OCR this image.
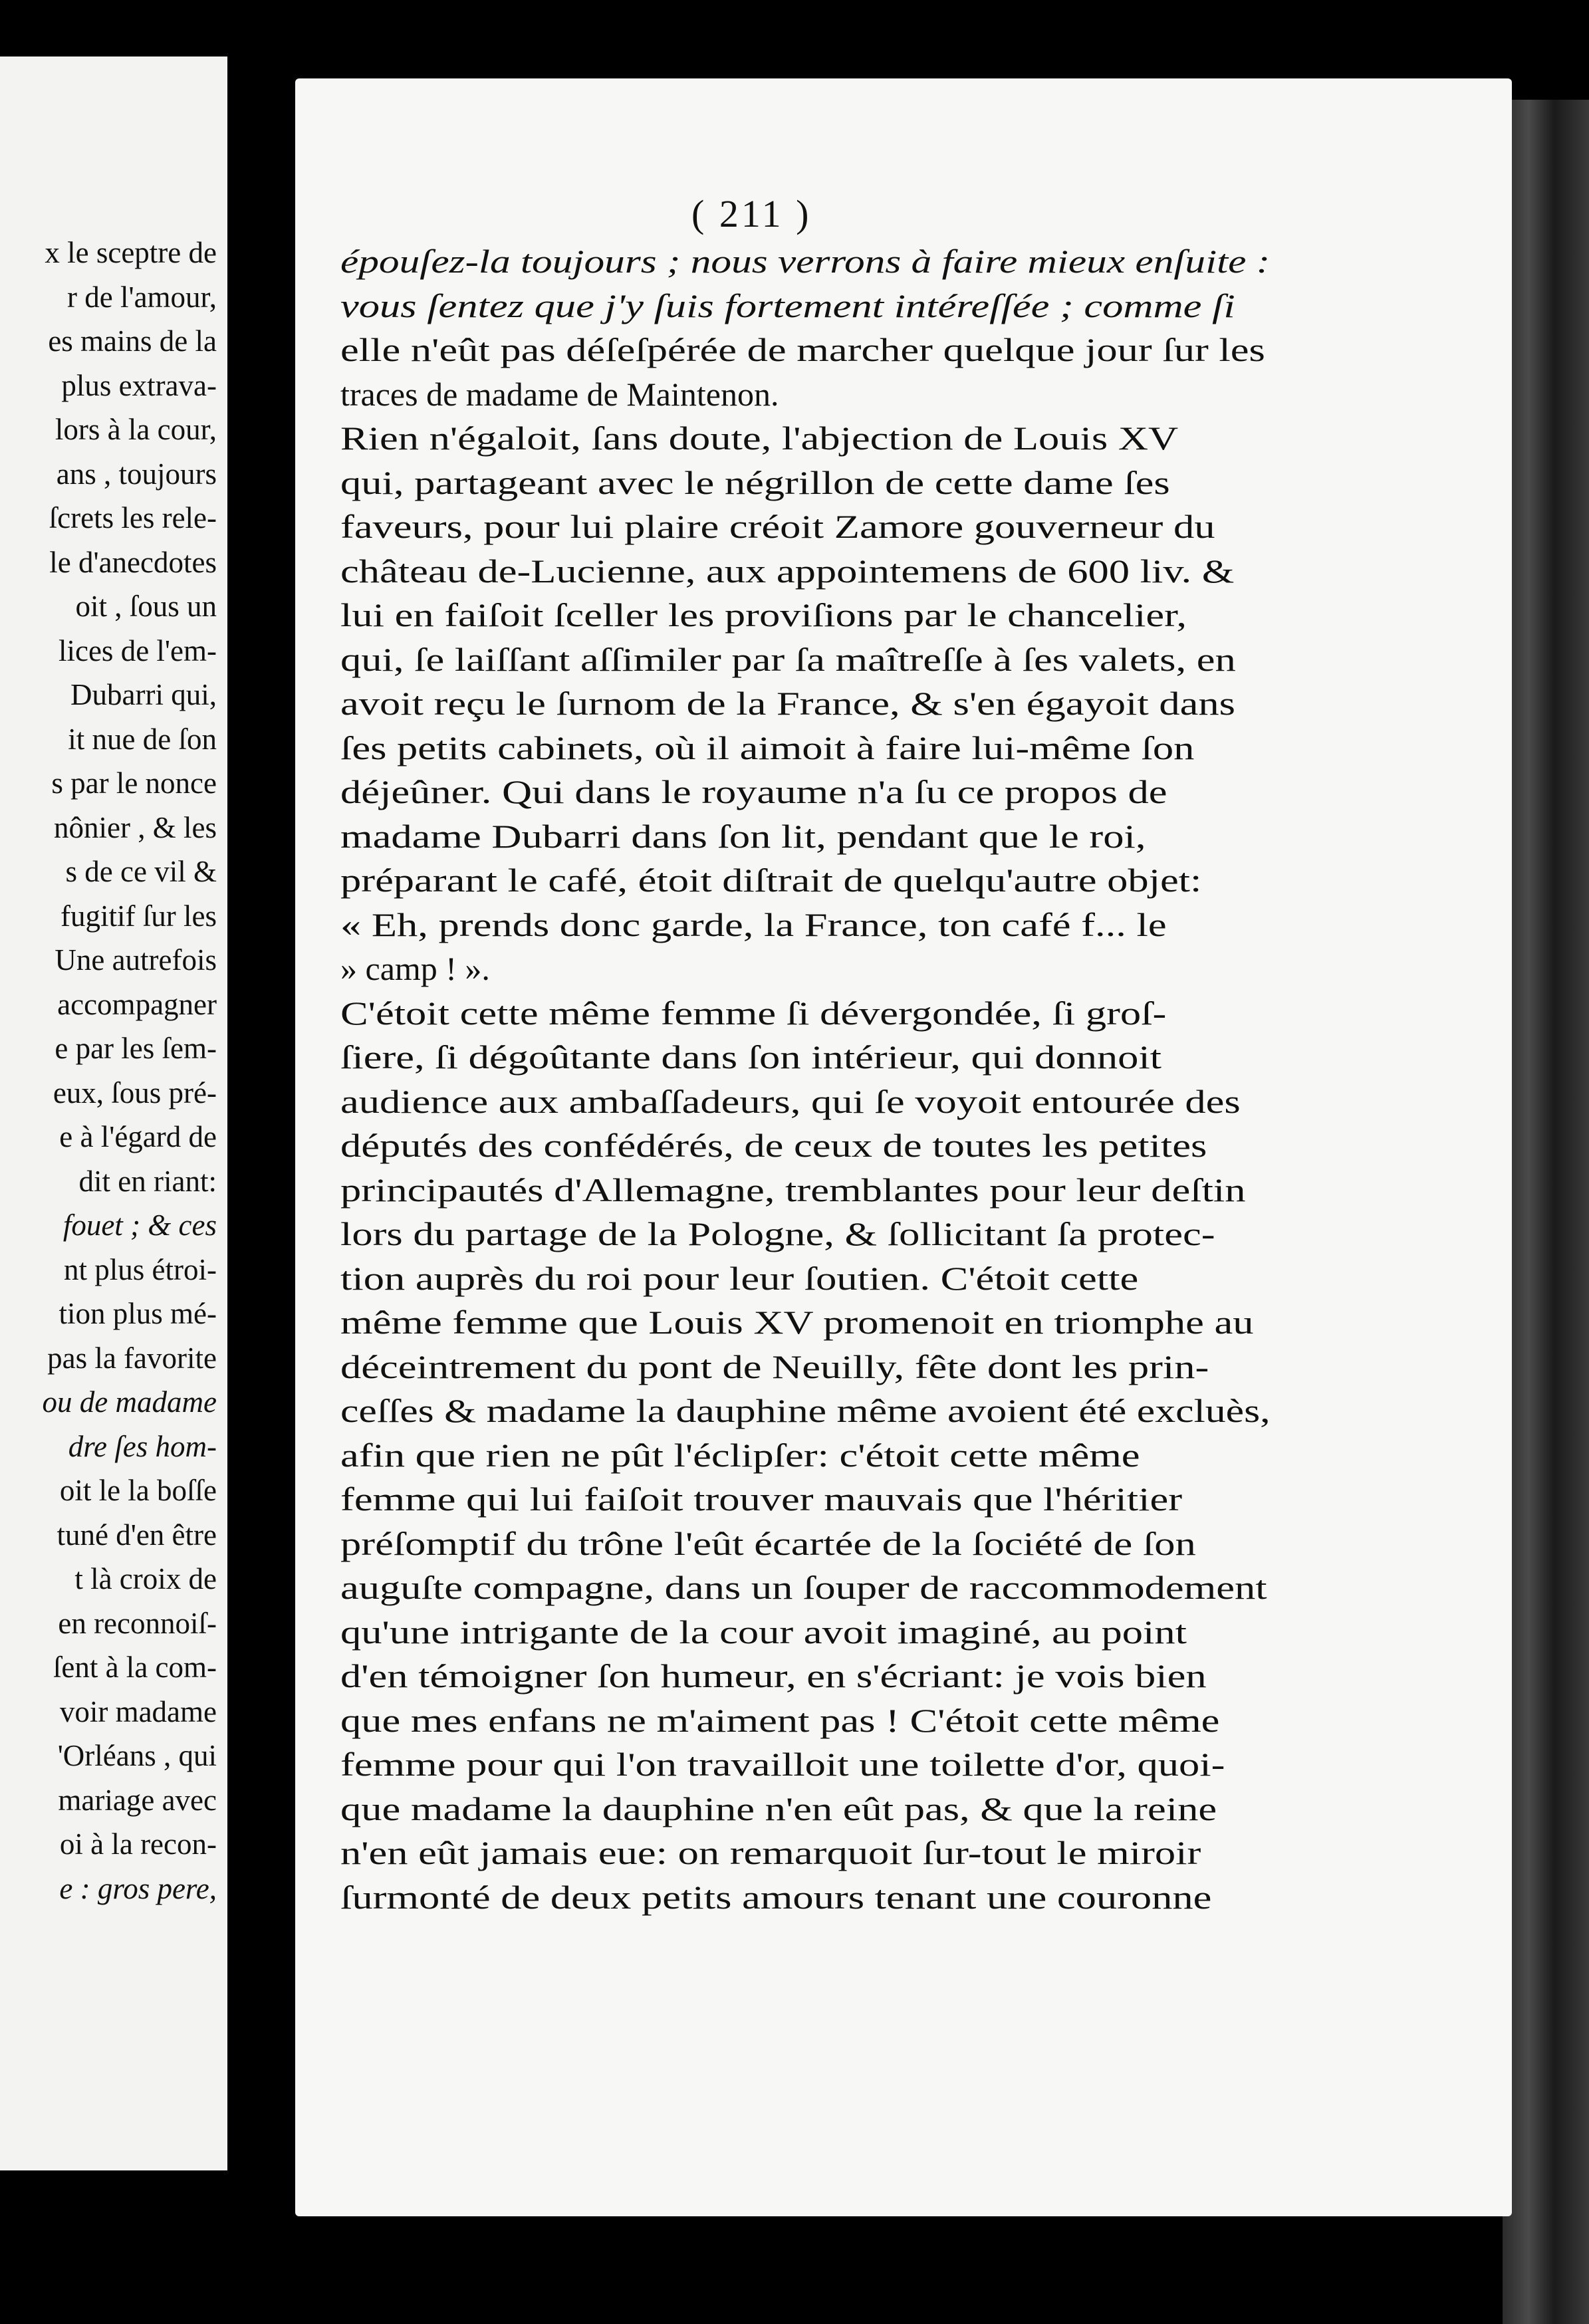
x le sceptre de
r de l'amour,
es mains de la
plus extrava-
lors à la cour,
ans , toujours
ſcrets les rele-
le d'anecdotes
oit , ſous un
lices de l'em-
Dubarri qui,
it nue de ſon
s par le nonce
nônier , & les
s de ce vil &
fugitif ſur les
Une autrefois
accompagner
e par les ſem-
eux, ſous pré-
e à l'égard de
dit en riant:
fouet ; & ces
nt plus étroi-
tion plus mé-
pas la favorite
ou de madame
dre ſes hom-
oit le la boſſe
tuné d'en être
t là croix de
en reconnoiſ-
ſent à la com-
voir madame
'Orléans , qui
mariage avec
oi à la recon-
e : gros pere,
( 211 )
épouſez-la toujours ; nous verrons à faire mieux enſuite :
vous ſentez que j'y ſuis fortement intéreſſée ; comme ſi
elle n'eût pas déſeſpérée de marcher quelque jour ſur les
traces de madame de Maintenon.
Rien n'égaloit, ſans doute, l'abjection de Louis XV
qui, partageant avec le négrillon de cette dame ſes
faveurs, pour lui plaire créoit Zamore gouverneur du
château de-Lucienne, aux appointemens de 600 liv. &
lui en faiſoit ſceller les proviſions par le chancelier,
qui, ſe laiſſant aſſimiler par ſa maîtreſſe à ſes valets, en
avoit reçu le ſurnom de la France, & s'en égayoit dans
ſes petits cabinets, où il aimoit à faire lui-même ſon
déjeûner. Qui dans le royaume n'a ſu ce propos de
madame Dubarri dans ſon lit, pendant que le roi,
préparant le café, étoit diſtrait de quelqu'autre objet:
« Eh, prends donc garde, la France, ton café f... le
» camp ! ».
C'étoit cette même femme ſi dévergondée, ſi groſ-
ſiere, ſi dégoûtante dans ſon intérieur, qui donnoit
audience aux ambaſſadeurs, qui ſe voyoit entourée des
députés des confédérés, de ceux de toutes les petites
principautés d'Allemagne, tremblantes pour leur deſtin
lors du partage de la Pologne, & ſollicitant ſa protec-
tion auprès du roi pour leur ſoutien. C'étoit cette
même femme que Louis XV promenoit en triomphe au
déceintrement du pont de Neuilly, fête dont les prin-
ceſſes & madame la dauphine même avoient été excluès,
afin que rien ne pût l'éclipſer: c'étoit cette même
femme qui lui faiſoit trouver mauvais que l'héritier
préſomptif du trône l'eût écartée de la ſociété de ſon
auguſte compagne, dans un ſouper de raccommodement
qu'une intrigante de la cour avoit imaginé, au point
d'en témoigner ſon humeur, en s'écriant: je vois bien
que mes enfans ne m'aiment pas ! C'étoit cette même
femme pour qui l'on travailloit une toilette d'or, quoi-
que madame la dauphine n'en eût pas, & que la reine
n'en eût jamais eue: on remarquoit ſur-tout le miroir
ſurmonté de deux petits amours tenant une couronne
